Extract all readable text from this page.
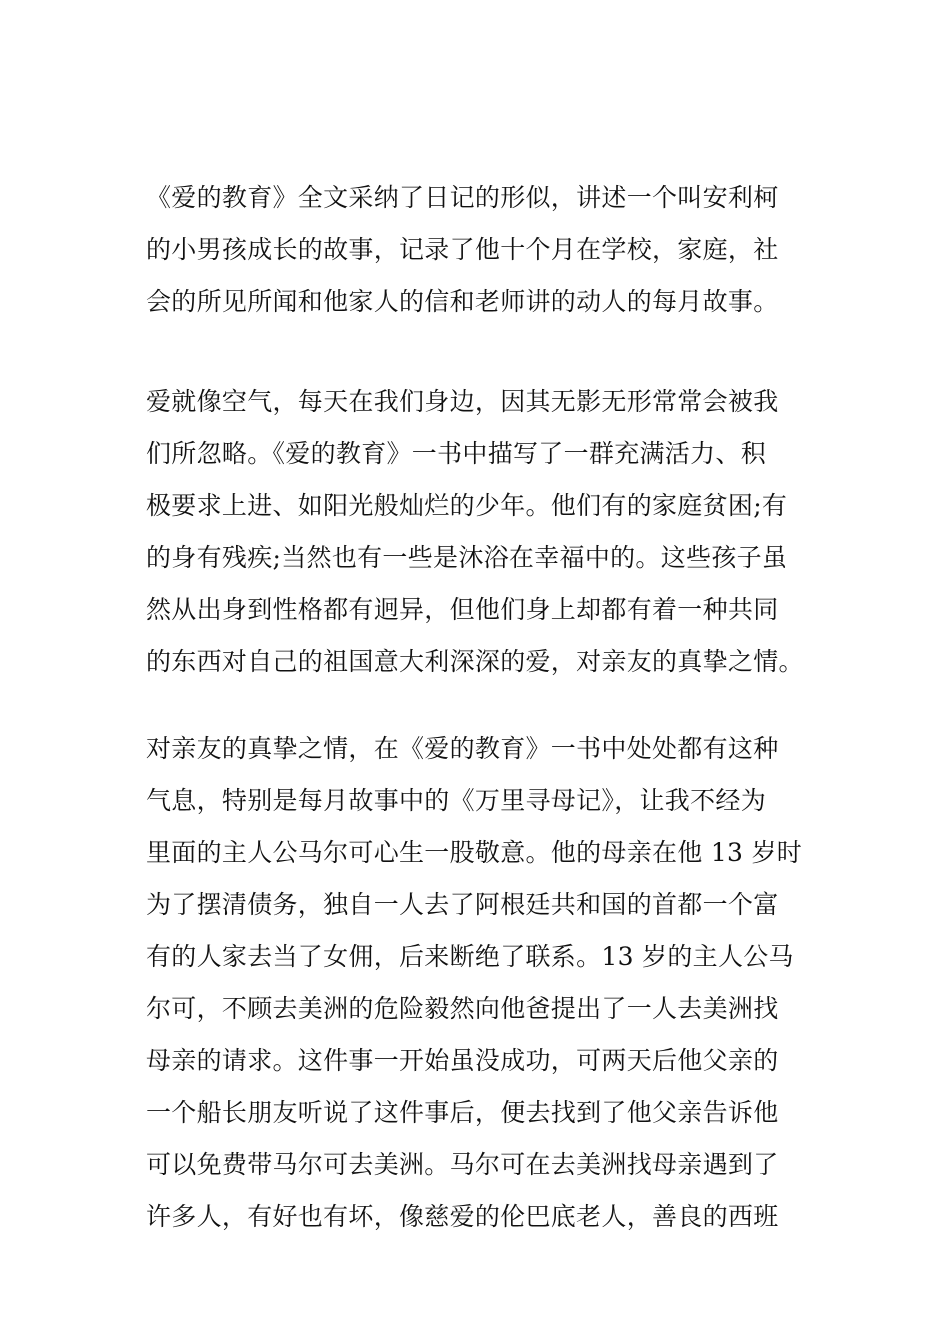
《爱的教育》全文采纳了日记的形似，讲述一个叫安利柯
的小男孩成长的故事，记录了他十个月在学校，家庭，社
会的所见所闻和他家人的信和老师讲的动人的每月故事。

爱就像空气，每天在我们身边，因其无影无形常常会被我
们所忽略。《爱的教育》一书中描写了一群充满活力、积
极要求上进、如阳光般灿烂的少年。他们有的家庭贫困;有
的身有残疾;当然也有一些是沐浴在幸福中的。这些孩子虽
然从出身到性格都有迥异，但他们身上却都有着一种共同
的东西对自己的祖国意大利深深的爱，对亲友的真挚之情。

对亲友的真挚之情，在《爱的教育》一书中处处都有这种
气息，特别是每月故事中的《万里寻母记》，让我不经为
里面的主人公马尔可心生一股敬意。他的母亲在他 13 岁时
为了摆清债务，独自一人去了阿根廷共和国的首都一个富
有的人家去当了女佣，后来断绝了联系。13 岁的主人公马
尔可，不顾去美洲的危险毅然向他爸提出了一人去美洲找
母亲的请求。这件事一开始虽没成功，可两天后他父亲的
一个船长朋友听说了这件事后，便去找到了他父亲告诉他
可以免费带马尔可去美洲。马尔可在去美洲找母亲遇到了
许多人，有好也有坏，像慈爱的伦巴底老人，善良的西班
